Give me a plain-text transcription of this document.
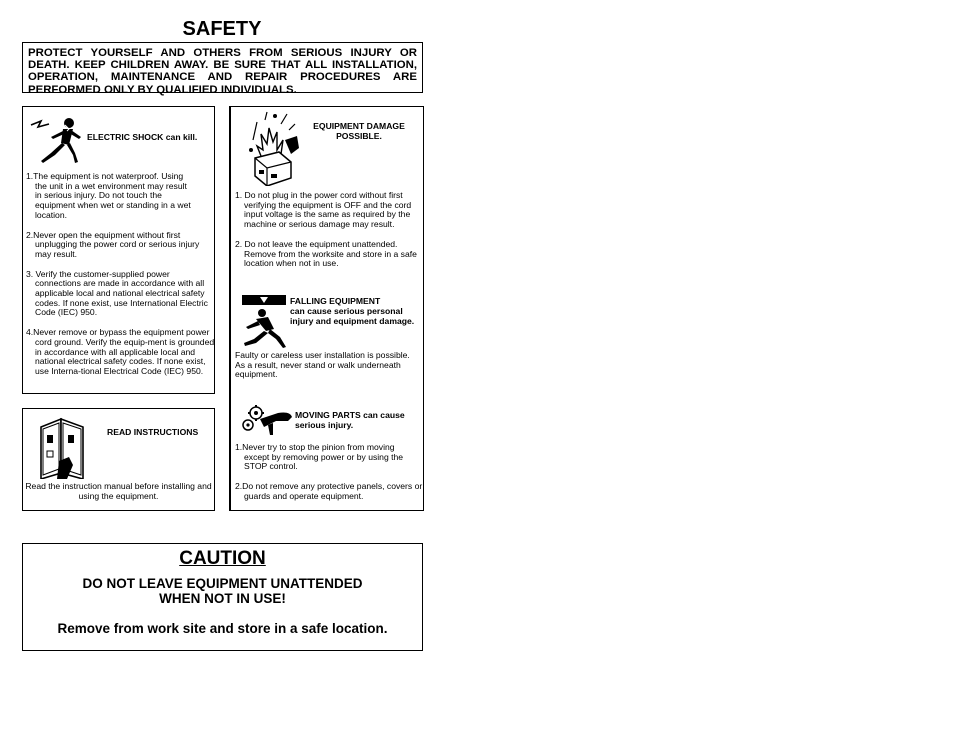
SAFETY
PROTECT YOURSELF AND OTHERS FROM SERIOUS INJURY OR DEATH. KEEP CHILDREN AWAY. BE SURE THAT ALL INSTALLATION, OPERATION, MAINTENANCE AND REPAIR PROCEDURES ARE PERFORMED ONLY BY QUALIFIED INDIVIDUALS.
ELECTRIC SHOCK can kill.

1.The equipment is not waterproof. Using the unit in a wet environment may result in serious injury. Do not touch the equipment when wet or standing in a wet location.

2.Never open the equipment without first unplugging the power cord or serious injury may result.

3. Verify the customer-supplied power connections are made in accordance with all applicable local and national electrical safety codes. If none exist, use International Electric Code (IEC) 950.

4.Never remove or bypass the equipment power cord ground. Verify the equip-ment is grounded in accordance with all applicable local and national electrical safety codes. If none exist, use Interna-tional Electrical Code (IEC) 950.

READ INSTRUCTIONS
Read the instruction manual before installing and using the equipment.
EQUIPMENT DAMAGE POSSIBLE.

1. Do not plug in the power cord without first verifying the equipment is OFF and the cord input voltage is the same as required by the machine or serious damage may result.

2. Do not leave the equipment unattended. Remove from the worksite and store in a safe location when not in use.

FALLING EQUIPMENT
can cause serious personal injury and equipment damage.
Faulty or careless user installation is possible. As a result, never stand or walk underneath equipment.
MOVING PARTS can cause serious injury.

1.Never try to stop the pinion from moving except by removing power or by using the STOP control.

2.Do not remove any protective panels, covers or guards and operate equipment.

CAUTION
DO NOT LEAVE EQUIPMENT UNATTENDED
WHEN NOT IN USE!
Remove from work site and store in a safe location.
